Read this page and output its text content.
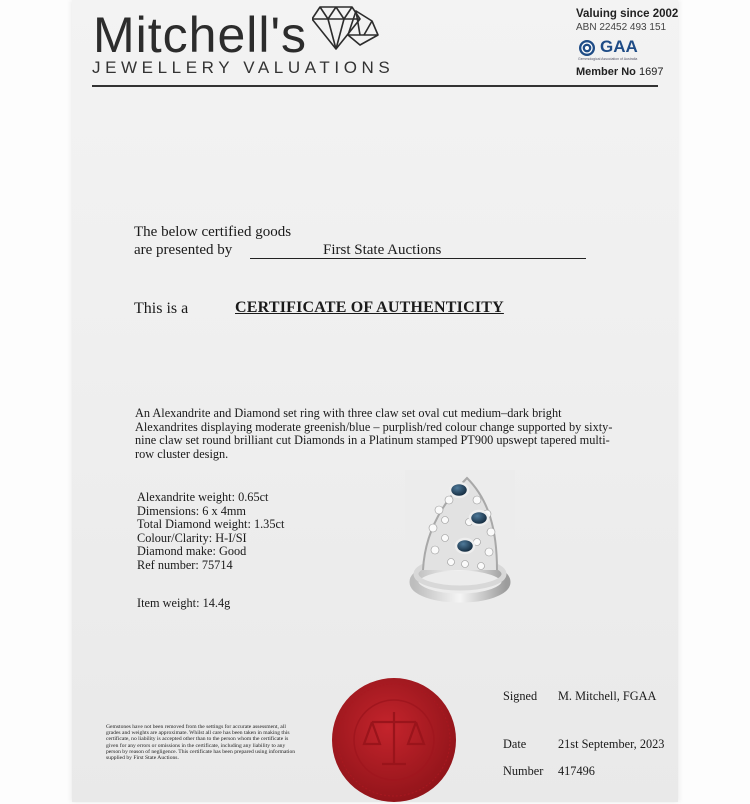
Mitchell's
JEWELLERY VALUATIONS
Valuing since 2002
ABN 22452 493 151
GAA
Gemmological Association of Australia
Member No 1697
The below certified goods
are presented by	First State Auctions
This is a	CERTIFICATE OF AUTHENTICITY
An Alexandrite and Diamond set ring with three claw set oval cut medium–dark bright Alexandrites displaying moderate greenish/blue – purplish/red colour change supported by sixty-nine claw set round brilliant cut Diamonds in a Platinum stamped PT900 upswept tapered multi-row cluster design.
Alexandrite weight: 0.65ct
Dimensions: 6 x 4mm
Total Diamond weight: 1.35ct
Colour/Clarity: H-I/SI
Diamond make: Good
Ref number: 75714
Item weight: 14.4g
Gemstones have not been removed from the settings for accurate assessment, all grades and weights are approximate. Whilst all care has been taken in making this certificate, no liability is accepted other than to the person whom the certificate is given for any errors or omissions in the certificate, including any liability to any person by reason of negligence. This certificate has been prepared using information supplied by First State Auctions.
Signed M. Mitchell, FGAA
Date	21st September, 2023
Number 417496
